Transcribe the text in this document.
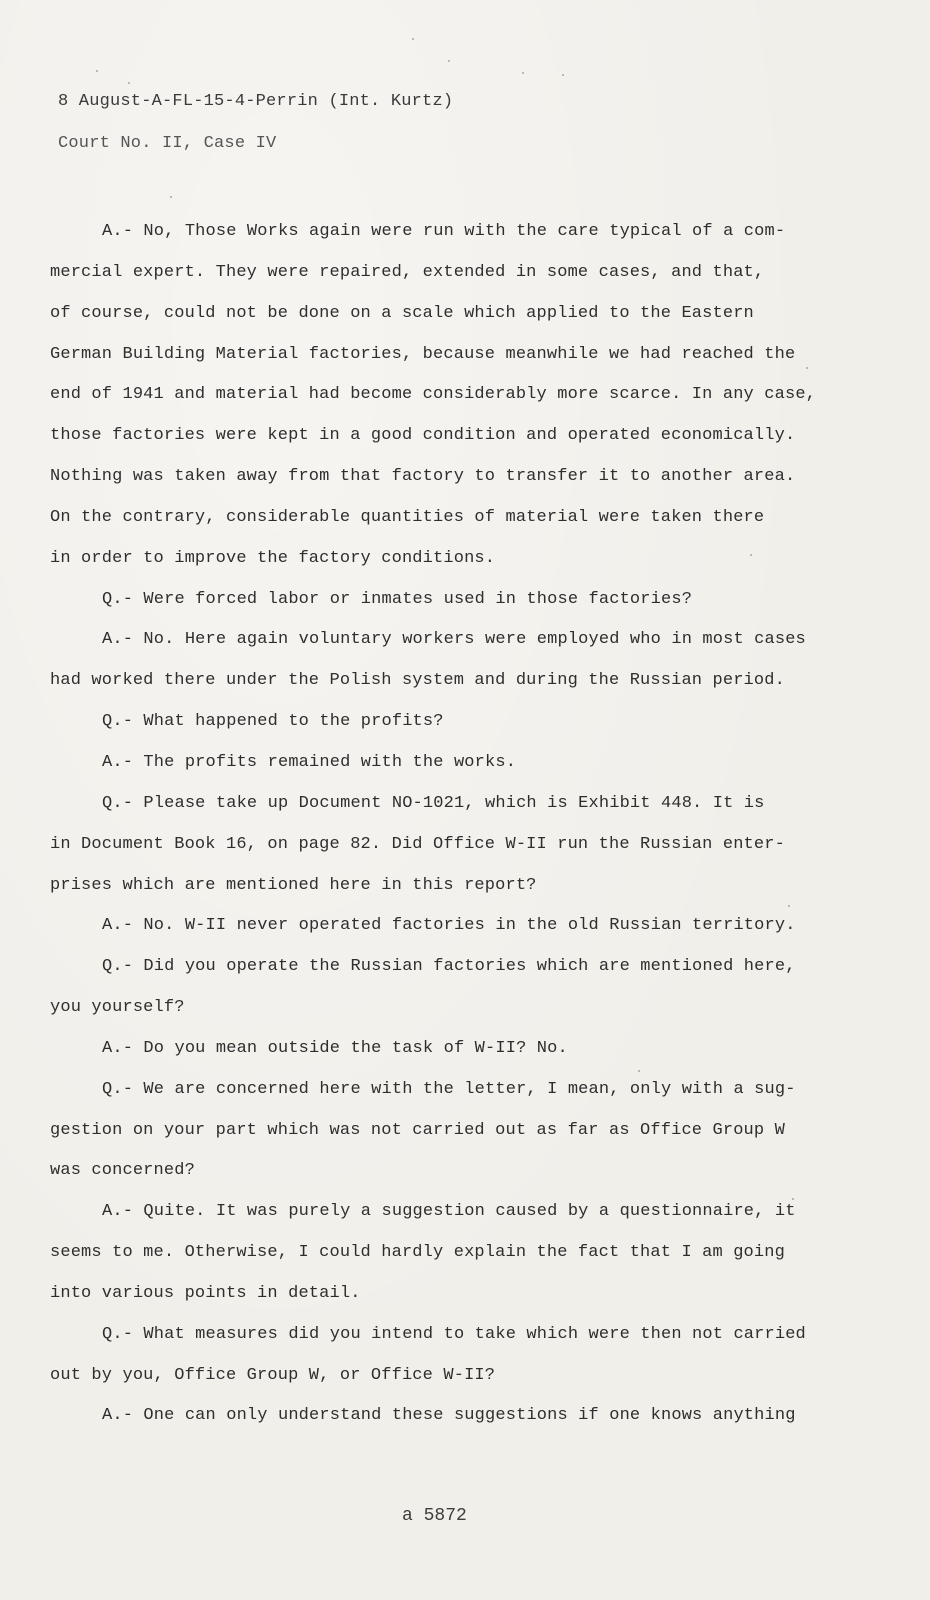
8 August-A-FL-15-4-Perrin (Int. Kurtz)
Court No. II, Case IV
A.- No, Those Works again were run with the care typical of a com-
mercial expert. They were repaired, extended in some cases, and that,
of course, could not be done on a scale which applied to the Eastern
German Building Material factories, because meanwhile we had reached the
end of 1941 and material had become considerably more scarce. In any case,
those factories were kept in a good condition and operated economically.
Nothing was taken away from that factory to transfer it to another area.
On the contrary, considerable quantities of material were taken there
in order to improve the factory conditions.
Q.- Were forced labor or inmates used in those factories?
A.- No. Here again voluntary workers were employed who in most cases
had worked there under the Polish system and during the Russian period.
Q.- What happened to the profits?
A.- The profits remained with the works.
Q.- Please take up Document NO-1021, which is Exhibit 448. It is
in Document Book 16, on page 82. Did Office W-II run the Russian enter-
prises which are mentioned here in this report?
A.- No. W-II never operated factories in the old Russian territory.
Q.- Did you operate the Russian factories which are mentioned here,
you yourself?
A.- Do you mean outside the task of W-II? No.
Q.- We are concerned here with the letter, I mean, only with a sug-
gestion on your part which was not carried out as far as Office Group W
was concerned?
A.- Quite. It was purely a suggestion caused by a questionnaire, it
seems to me. Otherwise, I could hardly explain the fact that I am going
into various points in detail.
Q.- What measures did you intend to take which were then not carried
out by you, Office Group W, or Office W-II?
A.- One can only understand these suggestions if one knows anything
a 5872
